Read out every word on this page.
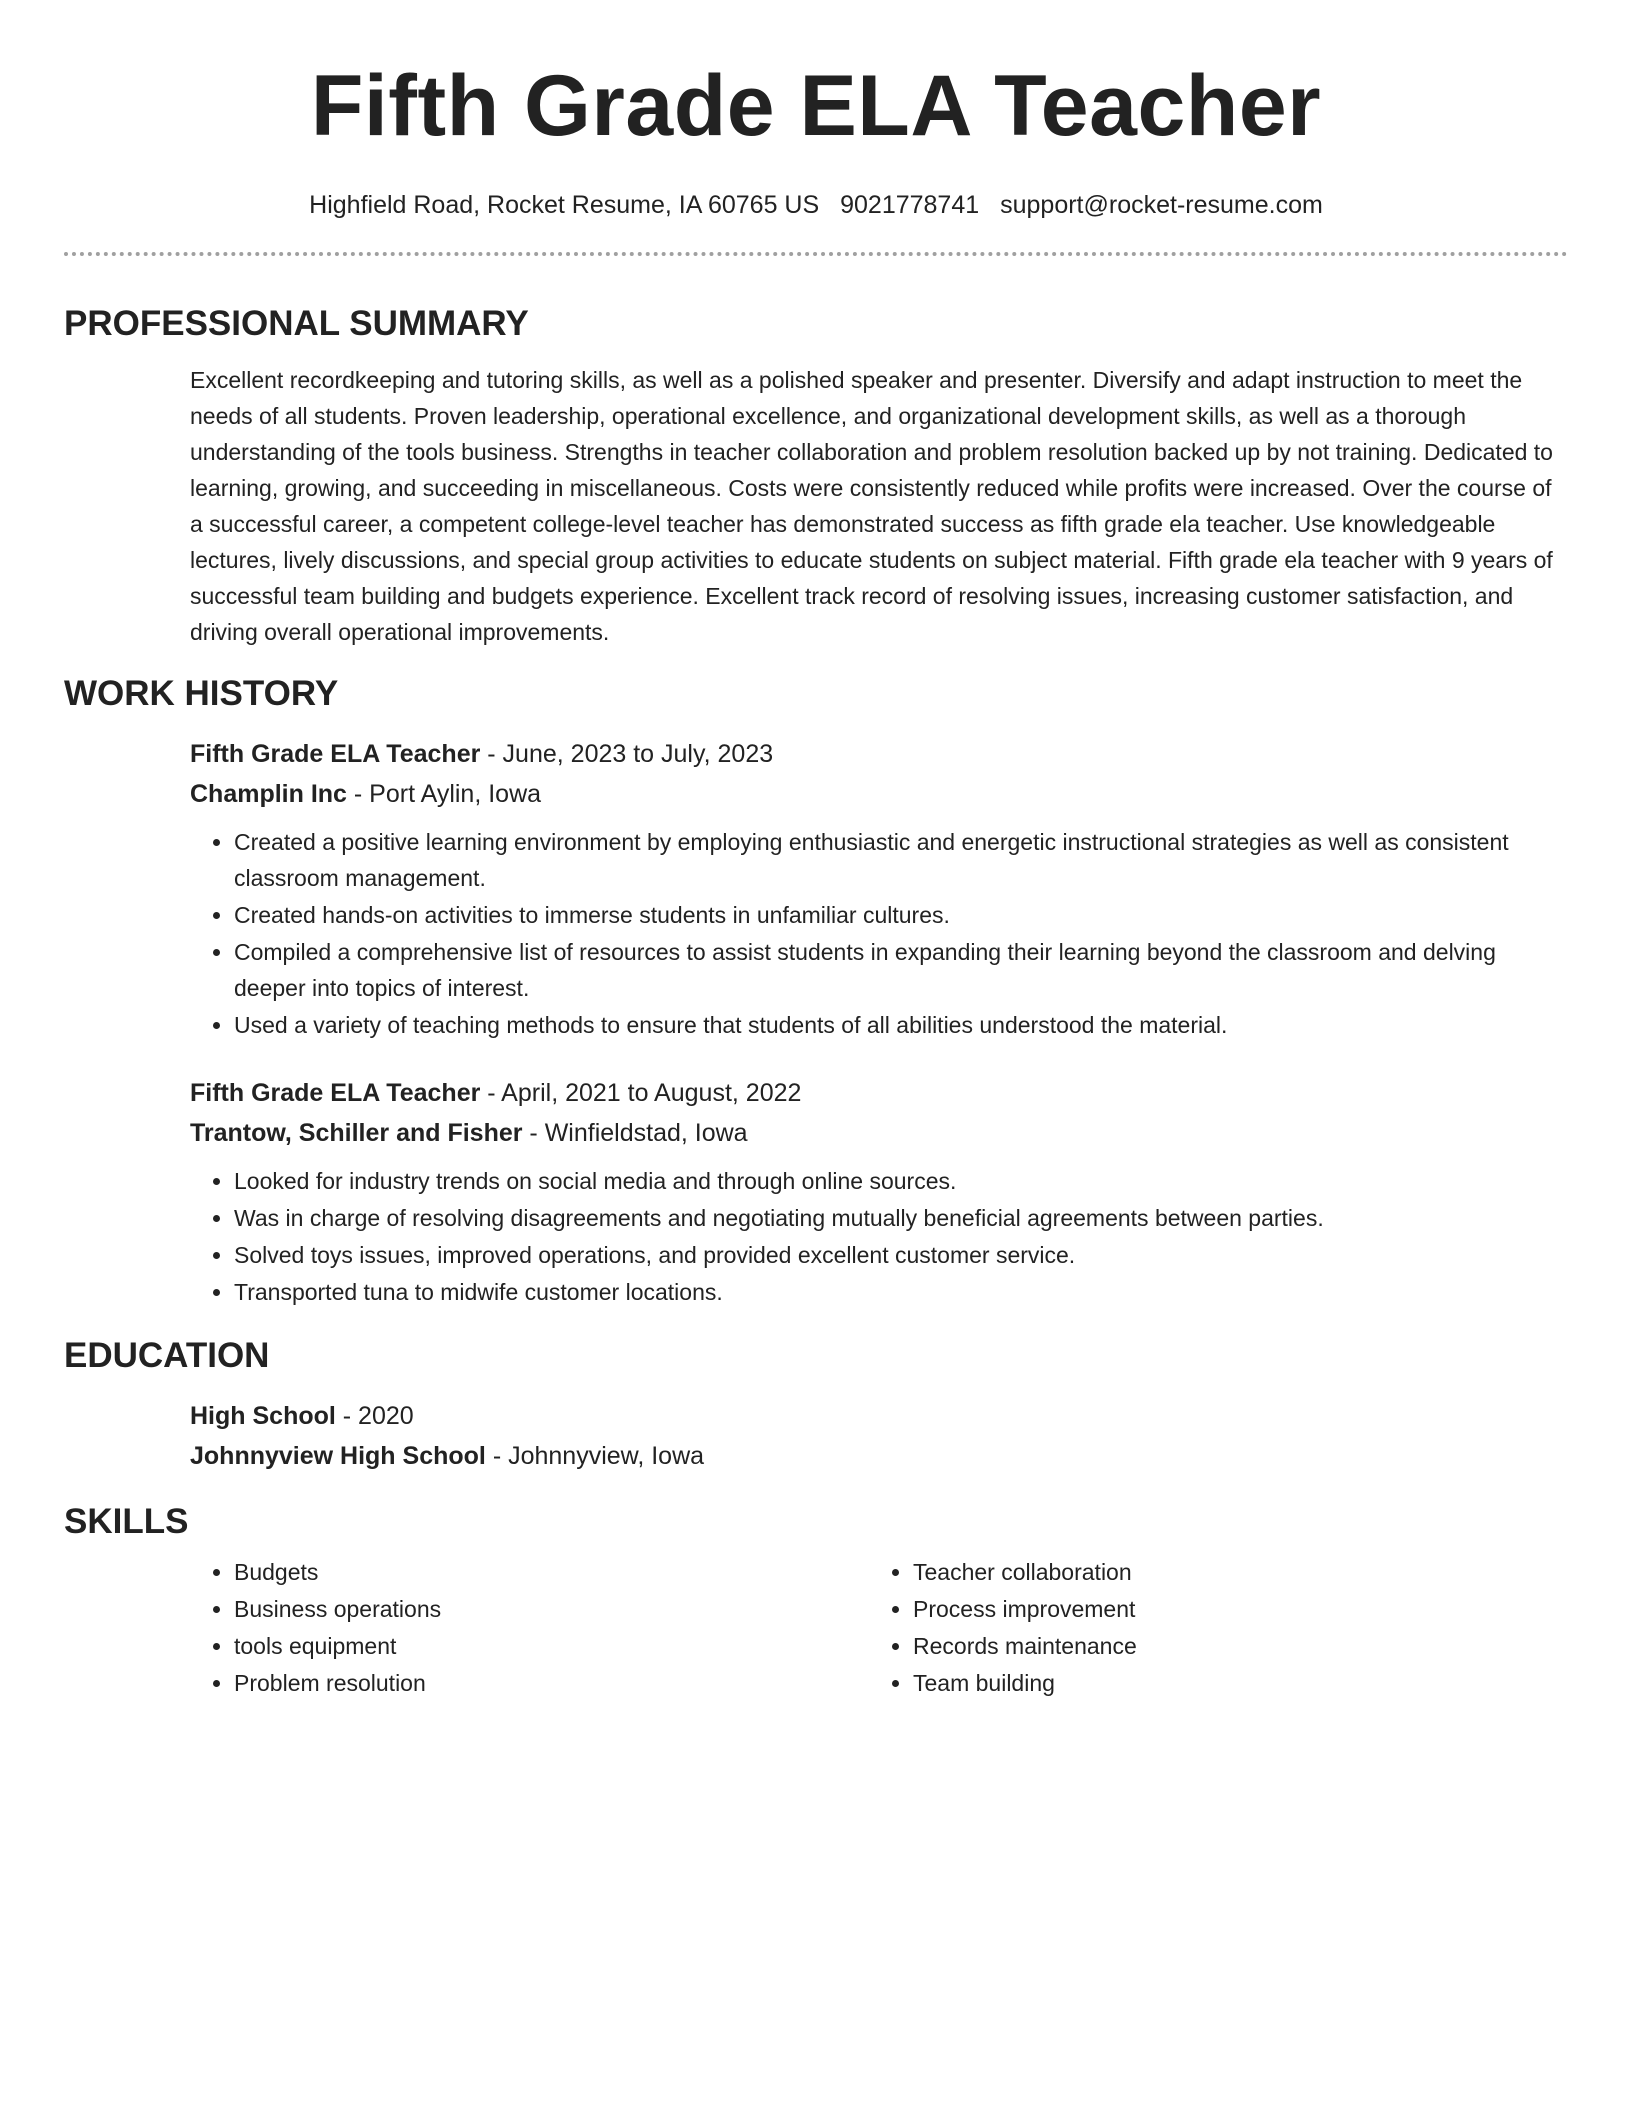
Fifth Grade ELA Teacher
Highfield Road, Rocket Resume, IA 60765 US 9021778741 support@rocket-resume.com
PROFESSIONAL SUMMARY

Excellent recordkeeping and tutoring skills, as well as a polished speaker and presenter. Diversify and adapt instruction to meet the needs of all students. Proven leadership, operational excellence, and organizational development skills, as well as a thorough understanding of the tools business. Strengths in teacher collaboration and problem resolution backed up by not training. Dedicated to learning, growing, and succeeding in miscellaneous. Costs were consistently reduced while profits were increased. Over the course of a successful career, a competent college-level teacher has demonstrated success as fifth grade ela teacher. Use knowledgeable lectures, lively discussions, and special group activities to educate students on subject material. Fifth grade ela teacher with 9 years of successful team building and budgets experience. Excellent track record of resolving issues, increasing customer satisfaction, and driving overall operational improvements.

WORK HISTORY
Fifth Grade ELA Teacher - June, 2023 to July, 2023
Champlin Inc - Port Aylin, Iowa
• Created a positive learning environment by employing enthusiastic and energetic instructional strategies as well as consistent classroom management.
• Created hands-on activities to immerse students in unfamiliar cultures.
• Compiled a comprehensive list of resources to assist students in expanding their learning beyond the classroom and delving deeper into topics of interest.
• Used a variety of teaching methods to ensure that students of all abilities understood the material.
Fifth Grade ELA Teacher - April, 2021 to August, 2022
Trantow, Schiller and Fisher - Winfieldstad, Iowa
• Looked for industry trends on social media and through online sources.
• Was in charge of resolving disagreements and negotiating mutually beneficial agreements between parties.
• Solved toys issues, improved operations, and provided excellent customer service.
• Transported tuna to midwife customer locations.
EDUCATION
High School - 2020
Johnnyview High School - Johnnyview, Iowa
SKILLS
• Budgets
• Business operations
• tools equipment
• Problem resolution
• Teacher collaboration
• Process improvement
• Records maintenance
• Team building
